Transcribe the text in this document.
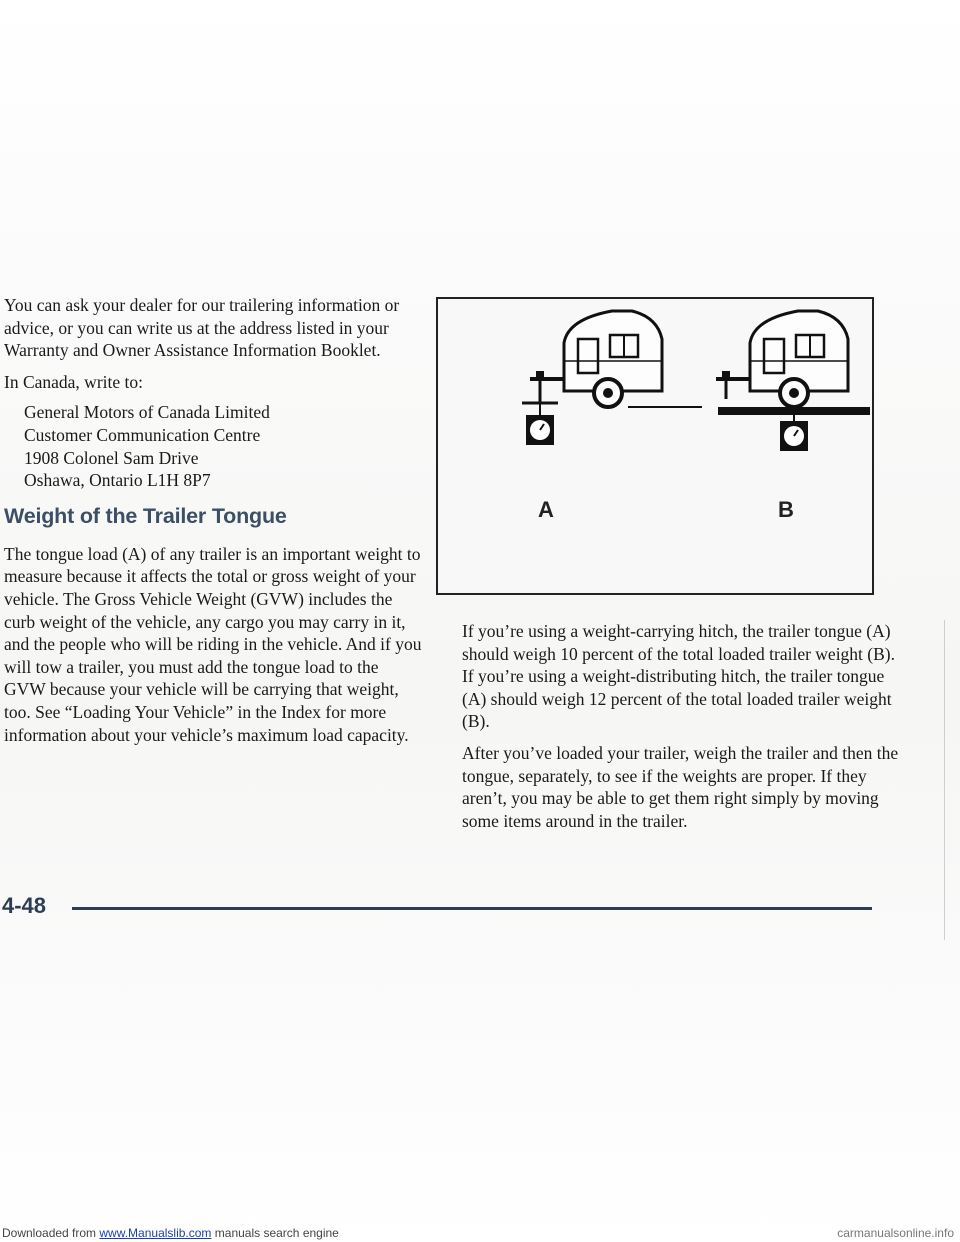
You can ask your dealer for our trailering information or advice, or you can write us at the address listed in your Warranty and Owner Assistance Information Booklet.

In Canada, write to:

General Motors of Canada Limited
Customer Communication Centre
1908 Colonel Sam Drive
Oshawa, Ontario L1H 8P7
Weight of the Trailer Tongue

The tongue load (A) of any trailer is an important weight to measure because it affects the total or gross weight of your vehicle. The Gross Vehicle Weight (GVW) includes the curb weight of the vehicle, any cargo you may carry in it, and the people who will be riding in the vehicle. And if you will tow a trailer, you must add the tongue load to the GVW because your vehicle will be carrying that weight, too. See “Loading Your Vehicle” in the Index for more information about your vehicle’s maximum load capacity.

A	B

If you’re using a weight-carrying hitch, the trailer tongue (A) should weigh 10 percent of the total loaded trailer weight (B). If you’re using a weight-distributing hitch, the trailer tongue (A) should weigh 12 percent of the total loaded trailer weight (B).

After you’ve loaded your trailer, weigh the trailer and then the tongue, separately, to see if the weights are proper. If they aren’t, you may be able to get them right simply by moving some items around in the trailer.

4-48
Downloaded from www.Manualslib.com manuals search engine	carmanualsonline.info
